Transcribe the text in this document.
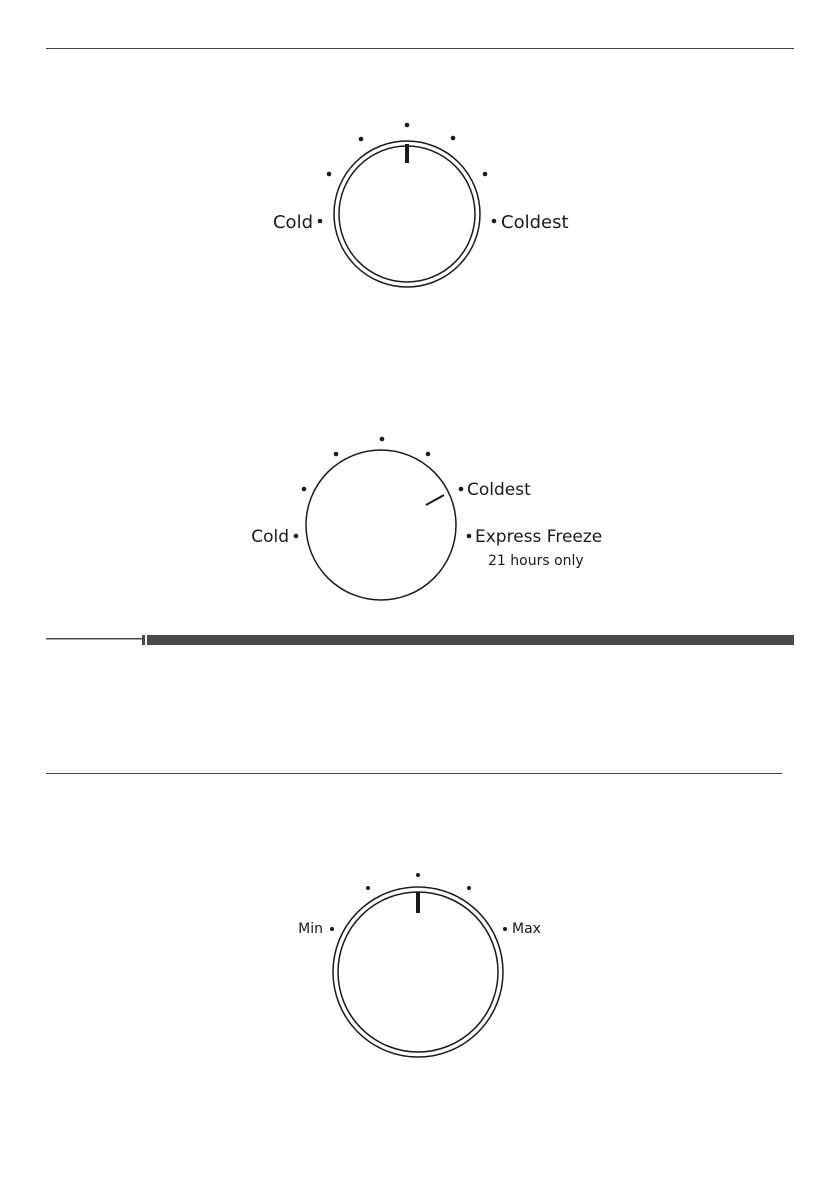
Cold	Coldest
Cold
Coldest
Express Freeze
21 hours only
Min	Max
